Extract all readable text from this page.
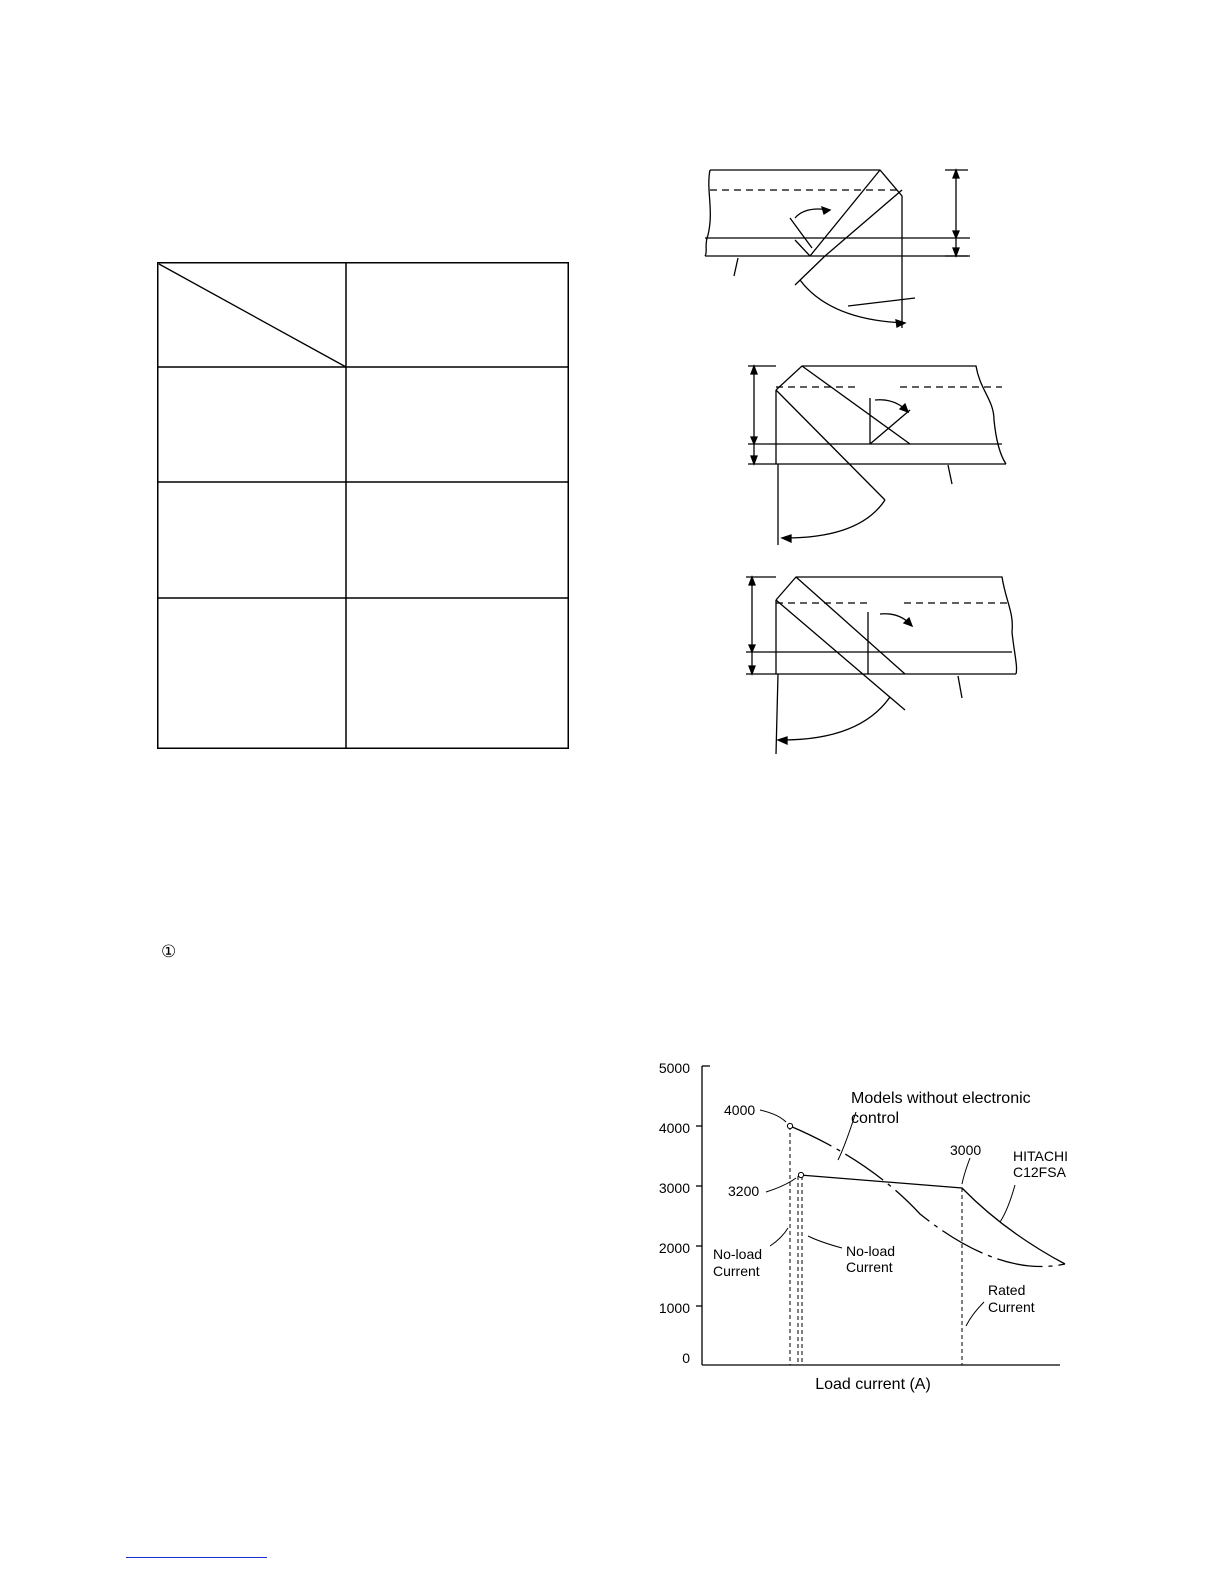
①
5000
4000
3000
2000
1000
0
Load current (A)
4000
3200
3000
Models without electronic
control
HITACHI
C12FSA
No-load
Current
No-load
Current
Rated
Current
